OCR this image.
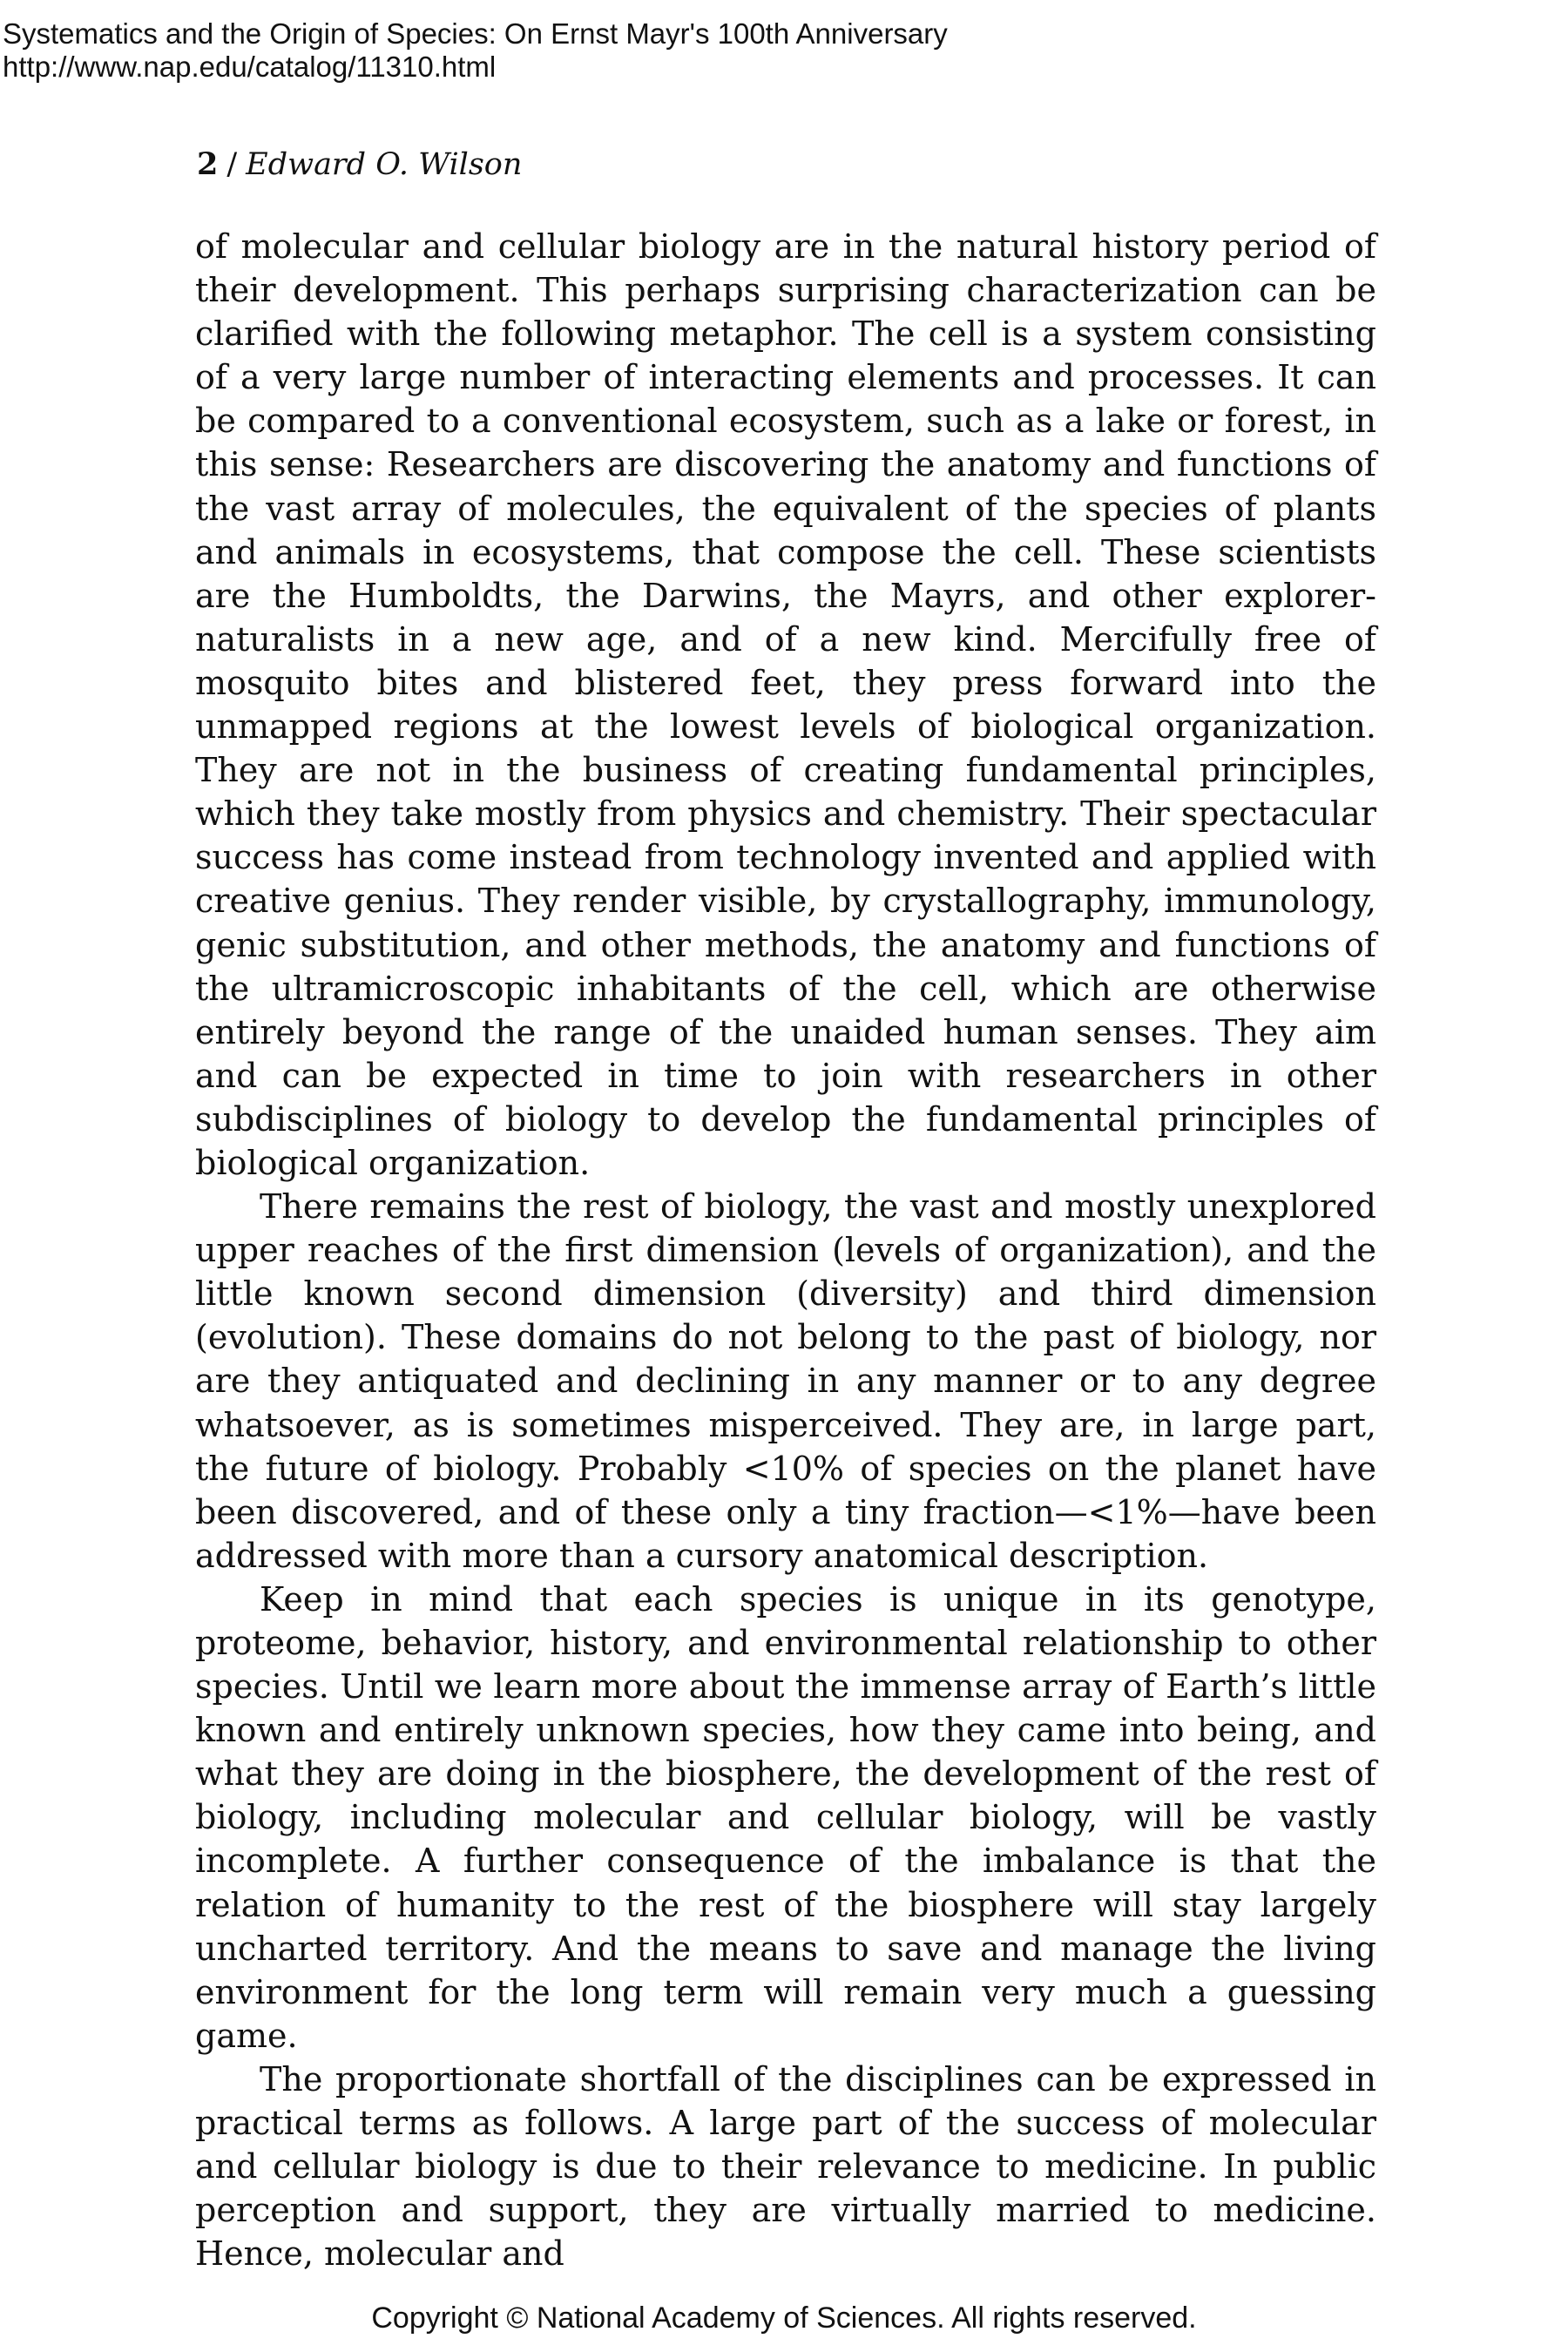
Systematics and the Origin of Species: On Ernst Mayr's 100th Anniversary
http://www.nap.edu/catalog/11310.html
2 / Edward O. Wilson

of molecular and cellular biology are in the natural history period of their development. This perhaps surprising characterization can be clarified with the following metaphor. The cell is a system consisting of a very large number of interacting elements and processes. It can be compared to a conventional ecosystem, such as a lake or forest, in this sense: Researchers are discovering the anatomy and functions of the vast array of molecules, the equivalent of the species of plants and animals in ecosystems, that compose the cell. These scientists are the Humboldts, the Darwins, the Mayrs, and other explorer-naturalists in a new age, and of a new kind. Mercifully free of mosquito bites and blistered feet, they press forward into the unmapped regions at the lowest levels of biological organization. They are not in the business of creating fundamental principles, which they take mostly from physics and chemistry. Their spectacular success has come instead from technology invented and applied with creative genius. They render visible, by crystallography, immunology, genic substitution, and other methods, the anatomy and functions of the ultramicroscopic inhabitants of the cell, which are otherwise entirely beyond the range of the unaided human senses. They aim and can be expected in time to join with researchers in other subdisciplines of biology to develop the fundamental principles of biological organization.

There remains the rest of biology, the vast and mostly unexplored upper reaches of the first dimension (levels of organization), and the little known second dimension (diversity) and third dimension (evolution). These domains do not belong to the past of biology, nor are they antiquated and declining in any manner or to any degree whatsoever, as is sometimes misperceived. They are, in large part, the future of biology. Probably <10% of species on the planet have been discovered, and of these only a tiny fraction—<1%—have been addressed with more than a cursory anatomical description.

Keep in mind that each species is unique in its genotype, proteome, behavior, history, and environmental relationship to other species. Until we learn more about the immense array of Earth’s little known and entirely unknown species, how they came into being, and what they are doing in the biosphere, the development of the rest of biology, including molecular and cellular biology, will be vastly incomplete. A further consequence of the imbalance is that the relation of humanity to the rest of the biosphere will stay largely uncharted territory. And the means to save and manage the living environment for the long term will remain very much a guessing game.

The proportionate shortfall of the disciplines can be expressed in practical terms as follows. A large part of the success of molecular and cellular biology is due to their relevance to medicine. In public perception and support, they are virtually married to medicine. Hence, molecular and

Copyright © National Academy of Sciences. All rights reserved.
